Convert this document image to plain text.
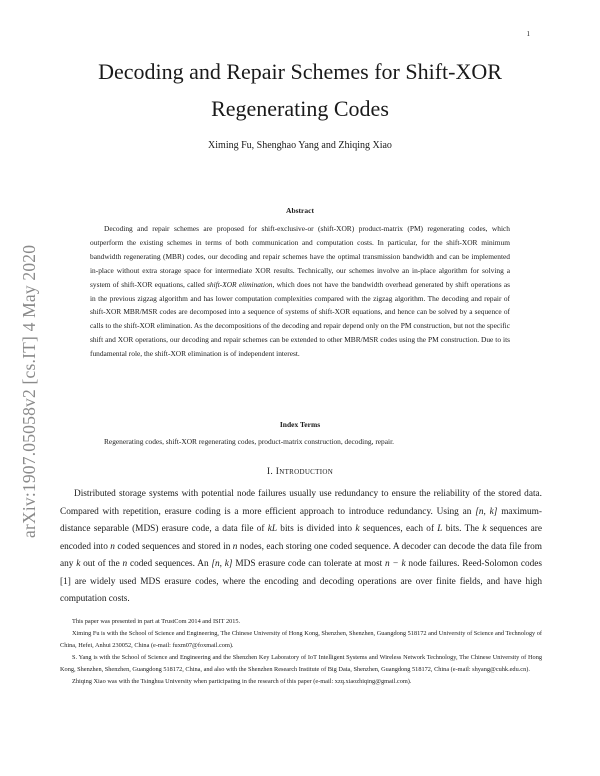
1
arXiv:1907.05058v2 [cs.IT] 4 May 2020
Decoding and Repair Schemes for Shift-XOR
Regenerating Codes
Ximing Fu, Shenghao Yang and Zhiqing Xiao
Abstract

Decoding and repair schemes are proposed for shift-exclusive-or (shift-XOR) product-matrix (PM) regenerating codes, which outperform the existing schemes in terms of both communication and computation costs. In particular, for the shift-XOR minimum bandwidth regenerating (MBR) codes, our decoding and repair schemes have the optimal transmission bandwidth and can be implemented in-place without extra storage space for intermediate XOR results. Technically, our schemes involve an in-place algorithm for solving a system of shift-XOR equations, called shift-XOR elimination, which does not have the bandwidth overhead generated by shift operations as in the previous zigzag algorithm and has lower computation complexities compared with the zigzag algorithm. The decoding and repair of shift-XOR MBR/MSR codes are decomposed into a sequence of systems of shift-XOR equations, and hence can be solved by a sequence of calls to the shift-XOR elimination. As the decompositions of the decoding and repair depend only on the PM construction, but not the specific shift and XOR operations, our decoding and repair schemes can be extended to other MBR/MSR codes using the PM construction. Due to its fundamental role, the shift-XOR elimination is of independent interest.

Index Terms

Regenerating codes, shift-XOR regenerating codes, product-matrix construction, decoding, repair.

I. Introduction

Distributed storage systems with potential node failures usually use redundancy to ensure the reliability of the stored data. Compared with repetition, erasure coding is a more efficient approach to introduce redundancy. Using an [n, k] maximum-distance separable (MDS) erasure code, a data file of kL bits is divided into k sequences, each of L bits. The k sequences are encoded into n coded sequences and stored in n nodes, each storing one coded sequence. A decoder can decode the data file from any k out of the n coded sequences. An [n, k] MDS erasure code can tolerate at most n − k node failures. Reed-Solomon codes [1] are widely used MDS erasure codes, where the encoding and decoding operations are over finite fields, and have high computation costs.

This paper was presented in part at TrustCom 2014 and ISIT 2015.

Ximing Fu is with the School of Science and Engineering, The Chinese University of Hong Kong, Shenzhen, Shenzhen, Guangdong 518172 and University of Science and Technology of China, Hefei, Anhui 230052, China (e-mail: fuxm07@foxmail.com).

S. Yang is with the School of Science and Engineering and the Shenzhen Key Laboratory of IoT Intelligent Systems and Wireless Network Technology, The Chinese University of Hong Kong, Shenzhen, Shenzhen, Guangdong 518172, China, and also with the Shenzhen Research Institute of Big Data, Shenzhen, Guangdong 518172, China (e-mail: shyang@cuhk.edu.cn).

Zhiqing Xiao was with the Tsinghua University when participating in the research of this paper (e-mail: xzq.xiaozhiqing@gmail.com).
